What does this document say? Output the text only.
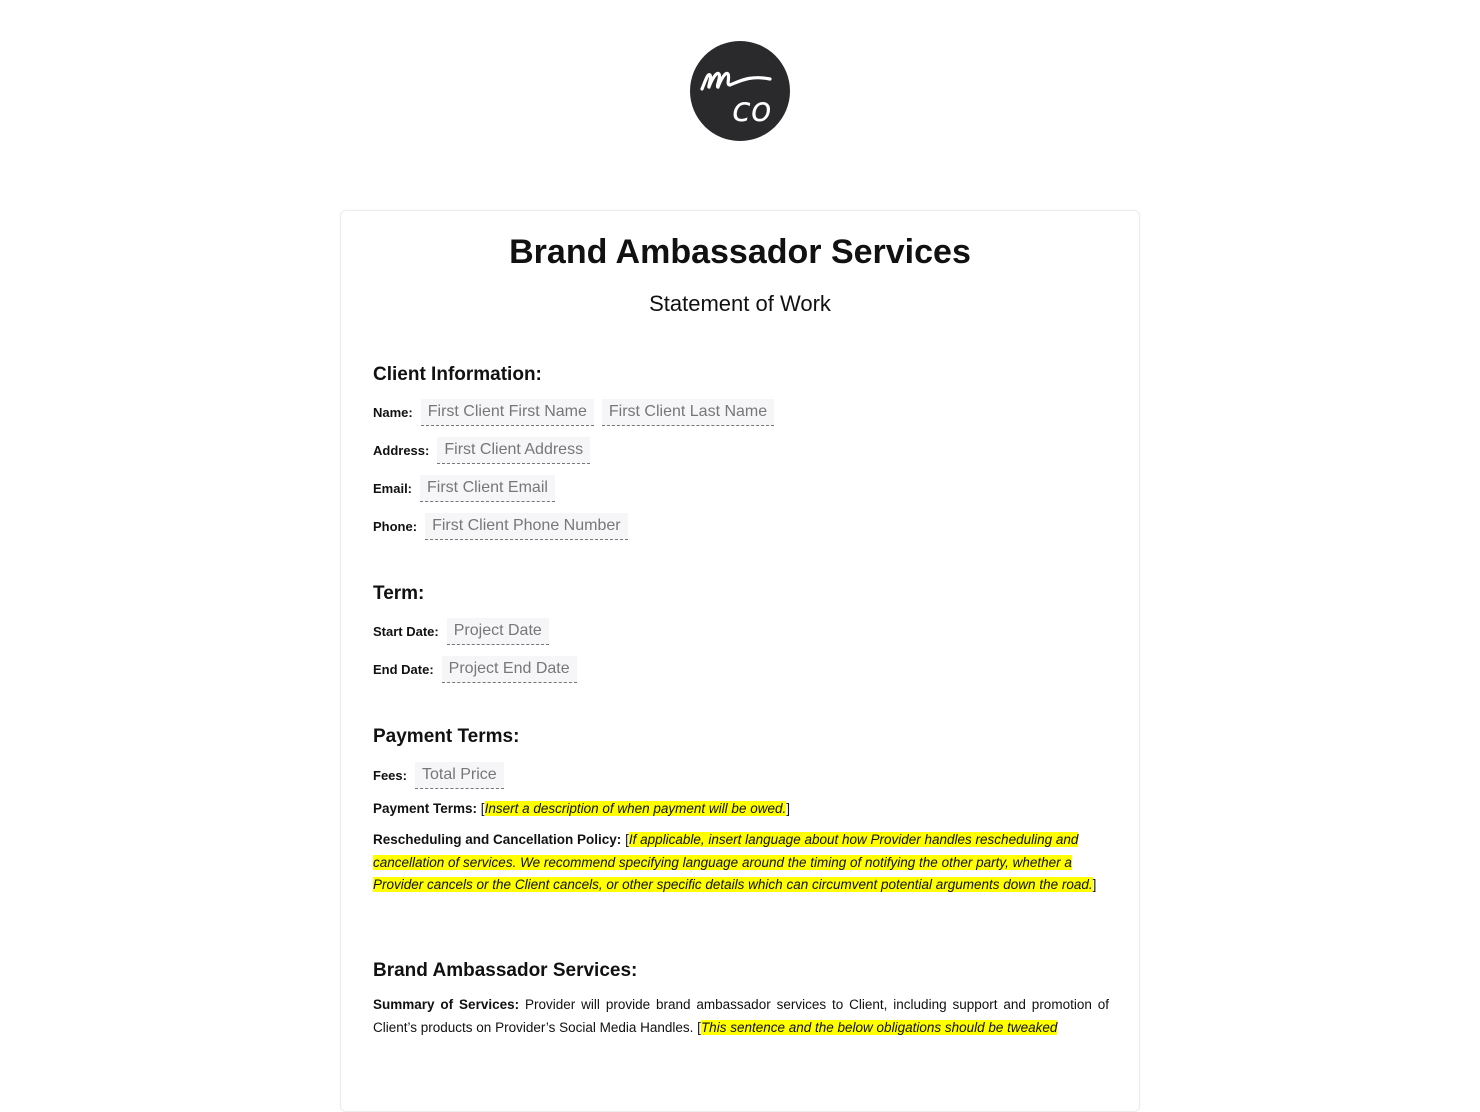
co
Brand Ambassador Services
Statement of Work
Client Information:
Name: First Client First Name	First Client Last Name
Address: First Client Address
Email: First Client Email
Phone: First Client Phone Number
Term:
Start Date: Project Date
End Date: Project End Date
Payment Terms:
Fees: Total Price
Payment Terms: [Insert a description of when payment will be owed.]
Rescheduling and Cancellation Policy: [If applicable, insert language about how Provider handles rescheduling and cancellation of services. We recommend specifying language around the timing of notifying the other party, whether a Provider cancels or the Client cancels, or other specific details which can circumvent potential arguments down the road.]
Brand Ambassador Services:
Summary of Services: Provider will provide brand ambassador services to Client, including support and promotion of Client’s products on Provider’s Social Media Handles. [This sentence and the below obligations should be tweaked
